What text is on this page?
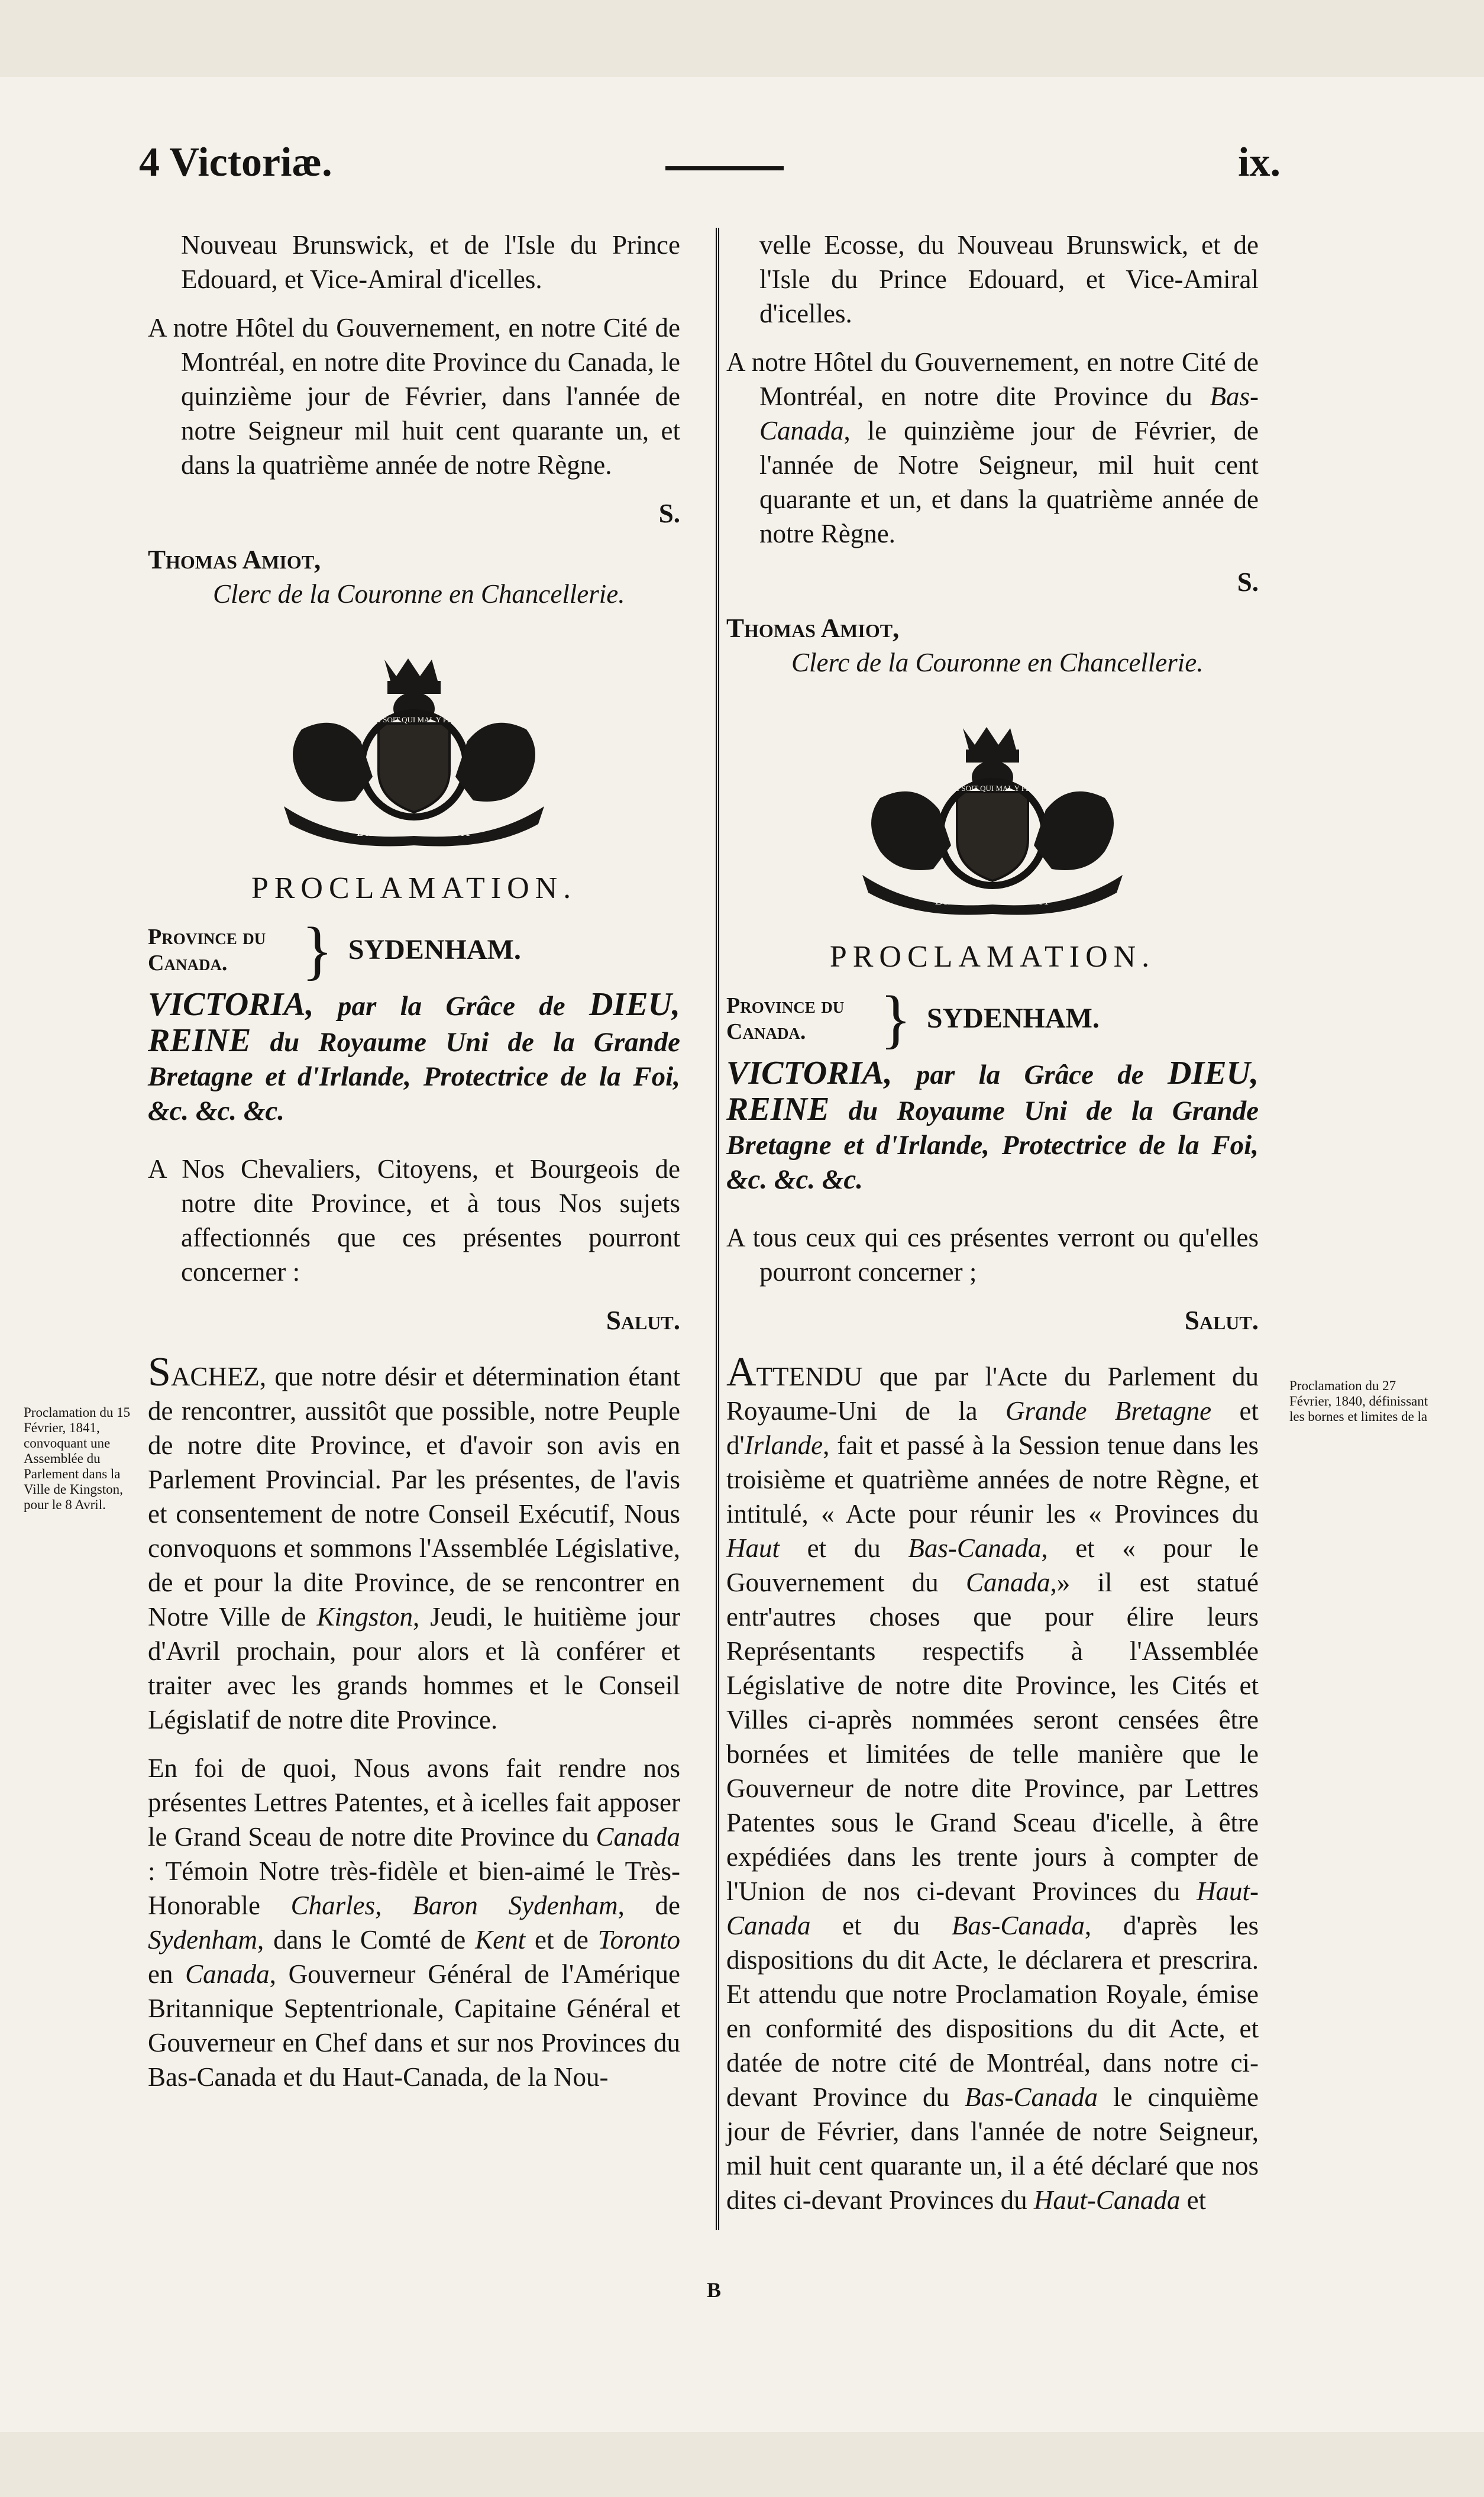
4 Victoriæ.	ix.
Proclamation du 15 Février, 1841, convoquant une Assemblée du Parlement dans la Ville de Kingston, pour le 8 Avril.
Proclamation du 27 Février, 1840, définissant les bornes et limites de la

Nouveau Brunswick, et de l'Isle du Prince Edouard, et Vice-Amiral d'icelles.

A notre Hôtel du Gouvernement, en notre Cité de Montréal, en notre dite Province du Canada, le quinzième jour de Février, dans l'année de notre Seigneur mil huit cent quarante un, et dans la quatrième année de notre Règne.

S.

Thomas Amiot,
Clerc de la Couronne en Chancellerie.

HONI SOIT QUI MAL Y PENSE
DIEU ET MON DROIT
PROCLAMATION.
Province du
Canada.	} SYDENHAM.

VICTORIA, par la Grâce de DIEU, REINE du Royaume Uni de la Grande Bretagne et d'Irlande, Protectrice de la Foi, &c. &c. &c.

A Nos Chevaliers, Citoyens, et Bourgeois de notre dite Province, et à tous Nos sujets affectionnés que ces présentes pourront concerner :

Salut.

SACHEZ, que notre désir et détermination étant de rencontrer, aussitôt que possible, notre Peuple de notre dite Province, et d'avoir son avis en Parlement Provincial. Par les présentes, de l'avis et consentement de notre Conseil Exécutif, Nous convoquons et sommons l'Assemblée Législative, de et pour la dite Province, de se rencontrer en Notre Ville de Kingston, Jeudi, le huitième jour d'Avril prochain, pour alors et là conférer et traiter avec les grands hommes et le Conseil Législatif de notre dite Province.

En foi de quoi, Nous avons fait rendre nos présentes Lettres Patentes, et à icelles fait apposer le Grand Sceau de notre dite Province du Canada : Témoin Notre très-fidèle et bien-aimé le Très-Honorable Charles, Baron Sydenham, de Sydenham, dans le Comté de Kent et de Toronto en Canada, Gouverneur Général de l'Amérique Britannique Septentrionale, Capitaine Général et Gouverneur en Chef dans et sur nos Provinces du Bas-Canada et du Haut-Canada, de la Nou-

velle Ecosse, du Nouveau Brunswick, et de l'Isle du Prince Edouard, et Vice-Amiral d'icelles.

A notre Hôtel du Gouvernement, en notre Cité de Montréal, en notre dite Province du Bas-Canada, le quinzième jour de Février, de l'année de Notre Seigneur, mil huit cent quarante et un, et dans la quatrième année de notre Règne.

S.

Thomas Amiot,
Clerc de la Couronne en Chancellerie.

HONI SOIT QUI MAL Y PENSE
DIEU ET MON DROIT
PROCLAMATION.
Province du
Canada.	} SYDENHAM.

VICTORIA, par la Grâce de DIEU, REINE du Royaume Uni de la Grande Bretagne et d'Irlande, Protectrice de la Foi, &c. &c. &c.

A tous ceux qui ces présentes verront ou qu'elles pourront concerner ;

Salut.

ATTENDU que par l'Acte du Parlement du Royaume-Uni de la Grande Bretagne et d'Irlande, fait et passé à la Session tenue dans les troisième et quatrième années de notre Règne, et intitulé, « Acte pour réunir les « Provinces du Haut et du Bas-Canada, et « pour le Gouvernement du Canada,» il est statué entr'autres choses que pour élire leurs Représentants respectifs à l'Assemblée Législative de notre dite Province, les Cités et Villes ci-après nommées seront censées être bornées et limitées de telle manière que le Gouverneur de notre dite Province, par Lettres Patentes sous le Grand Sceau d'icelle, à être expédiées dans les trente jours à compter de l'Union de nos ci-devant Provinces du Haut-Canada et du Bas-Canada, d'après les dispositions du dit Acte, le déclarera et prescrira. Et attendu que notre Proclamation Royale, émise en conformité des dispositions du dit Acte, et datée de notre cité de Montréal, dans notre ci-devant Province du Bas-Canada le cinquième jour de Février, dans l'année de notre Seigneur, mil huit cent quarante un, il a été déclaré que nos dites ci-devant Provinces du Haut-Canada et

B
